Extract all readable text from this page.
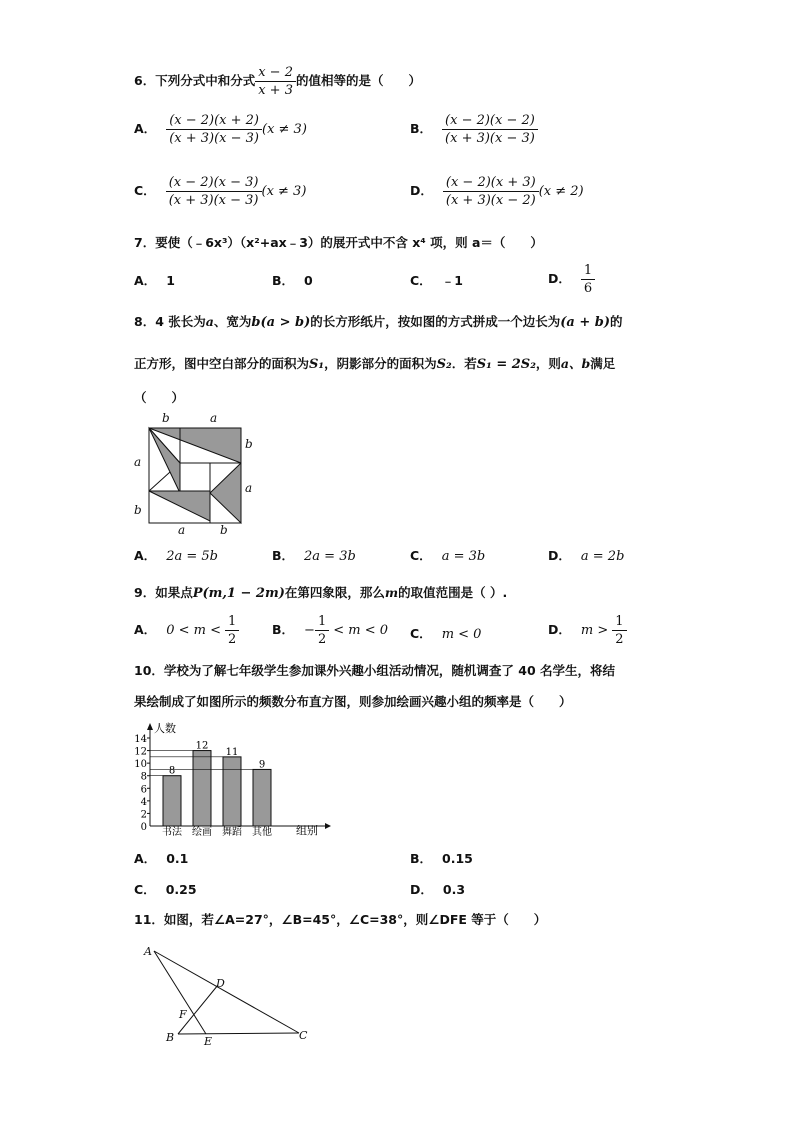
6．下列分式中和分式 $\frac{x - 2}{x + 3}$ 的值相等的是（　　）
A． $\frac{(x - 2)(x + 2)}{(x + 3)(x - 3)} (x \ne 3)$	B． $\frac{(x - 2)(x - 2)}{(x + 3)(x - 3)}$
C． $\frac{(x - 2)(x - 3)}{(x + 3)(x - 3)} (x \ne 3)$	D． $\frac{(x - 2)(x + 3)}{(x + 3)(x - 2)} (x \ne 2)$
7．要使（﹣6x³）（x²+ax﹣3）的展开式中不含 x⁴ 项，则 a＝（　　）
A． 1	B． 0	C． ﹣1	D． $\frac{1}{6}$
8．4 张长为a、宽为b(a > b)的长方形纸片，按如图的方式拼成一个边长为(a + b)的
正方形，图中空白部分的面积为S₁，阴影部分的面积为S₂．若S₁ = 2S₂，则a、b满足
（　　）
b	a
a
b
b
a
a	b
A． 2a = 5b	B． 2a = 3b	C． a = 3b	D． a = 2b
9．如果点P(m,1 − 2m)在第四象限，那么m的取值范围是（ ）.
A． $0 < m < \frac{1}{2}$	B． − $\frac{1}{2} < m < 0$ C． m < 0	D． $m > \frac{1}{2}$
10．学校为了解七年级学生参加课外兴趣小组活动情况，随机调查了 40 名学生，将结
果绘制成了如图所示的频数分布直方图，则参加绘画兴趣小组的频率是（　　）
人数
组别
0
2
4
6
8
10
12
14
8
书法
12
绘画
11
舞蹈
9
其他
A． 0.1	B． 0.15
C． 0.25	D． 0.3
11．如图，若∠A=27°，∠B=45°，∠C=38°，则∠DFE 等于（　　）
A
B	C
D
E
F
